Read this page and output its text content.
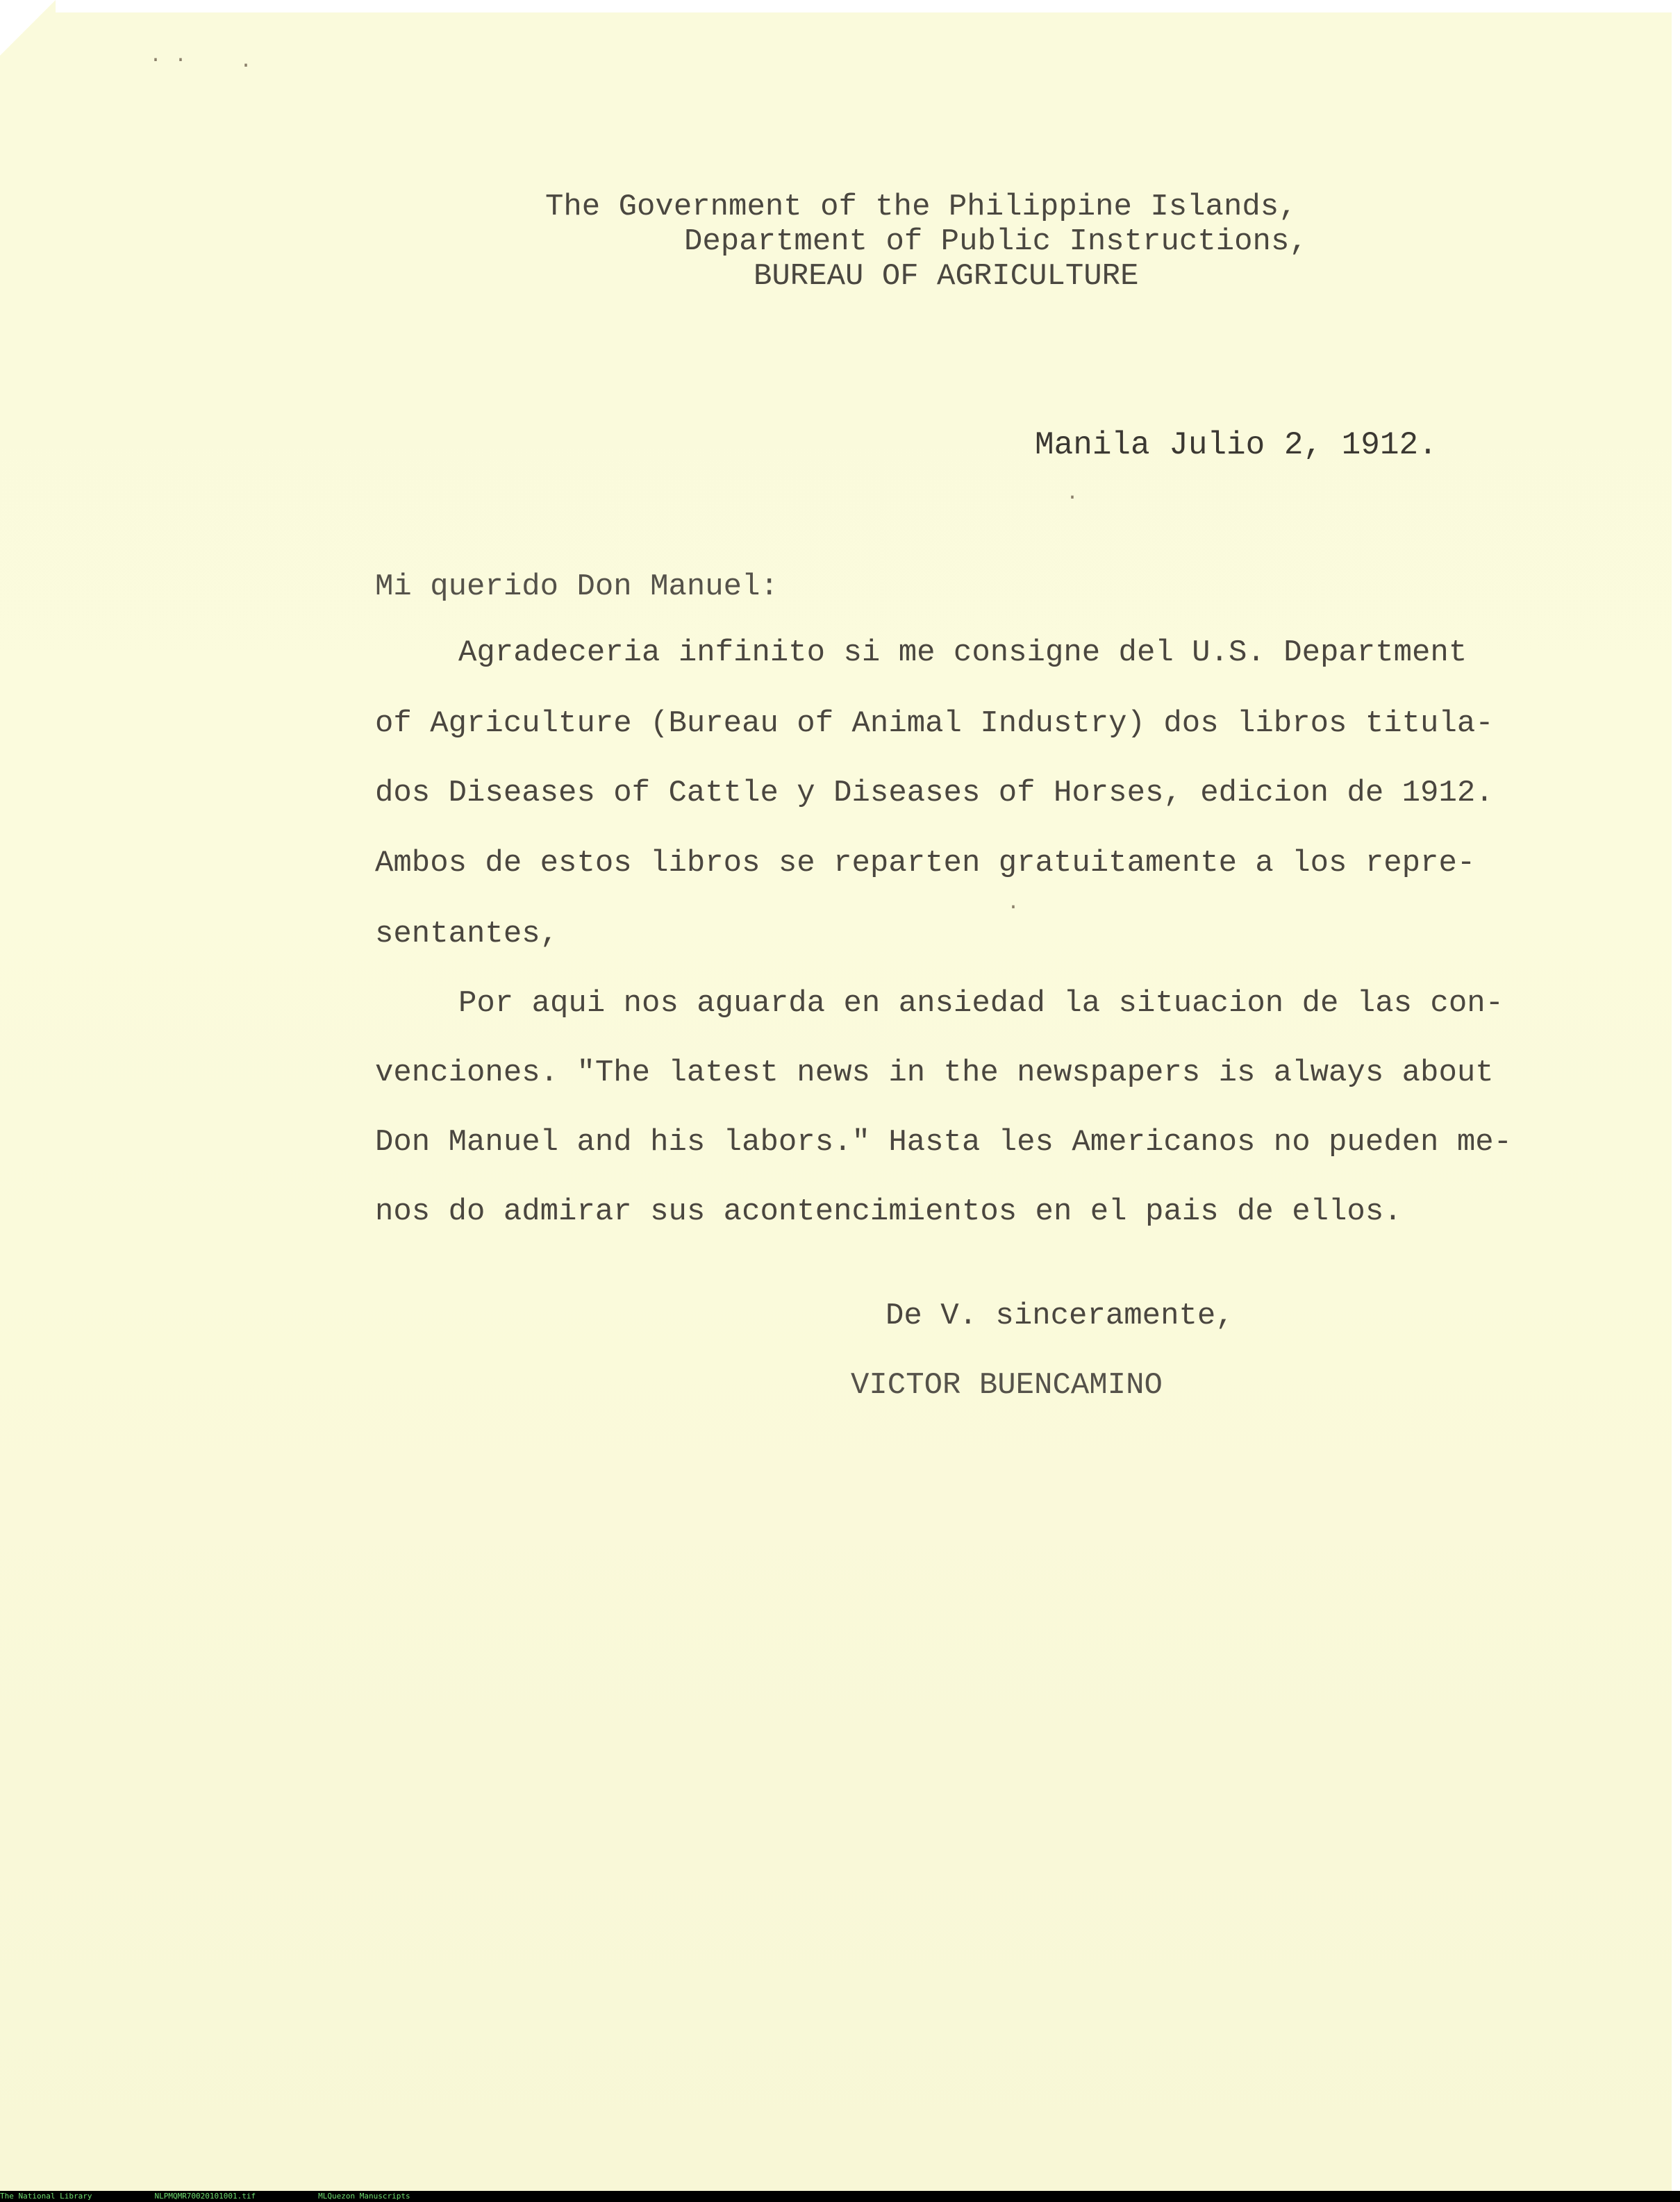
The Government of the Philippine Islands,
Department of Public Instructions,
BUREAU OF AGRICULTURE
Manila Julio 2, 1912.
Mi querido Don Manuel:
Agradeceria infinito si me consigne del U.S. Department
of Agriculture (Bureau of Animal Industry) dos libros titula-
dos Diseases of Cattle y Diseases of Horses, edicion de 1912.
Ambos de estos libros se reparten gratuitamente a los repre-
sentantes,
Por aqui nos aguarda en ansiedad la situacion de las con-
venciones. "The latest news in the newspapers is always about
Don Manuel and his labors." Hasta les Americanos no pueden me-
nos do admirar sus acontencimientos en el pais de ellos.
De V. sinceramente,
VICTOR BUENCAMINO
· ·	·
·
·
The National Library	NLPMQMR70020101001.tif	MLQuezon Manuscripts
